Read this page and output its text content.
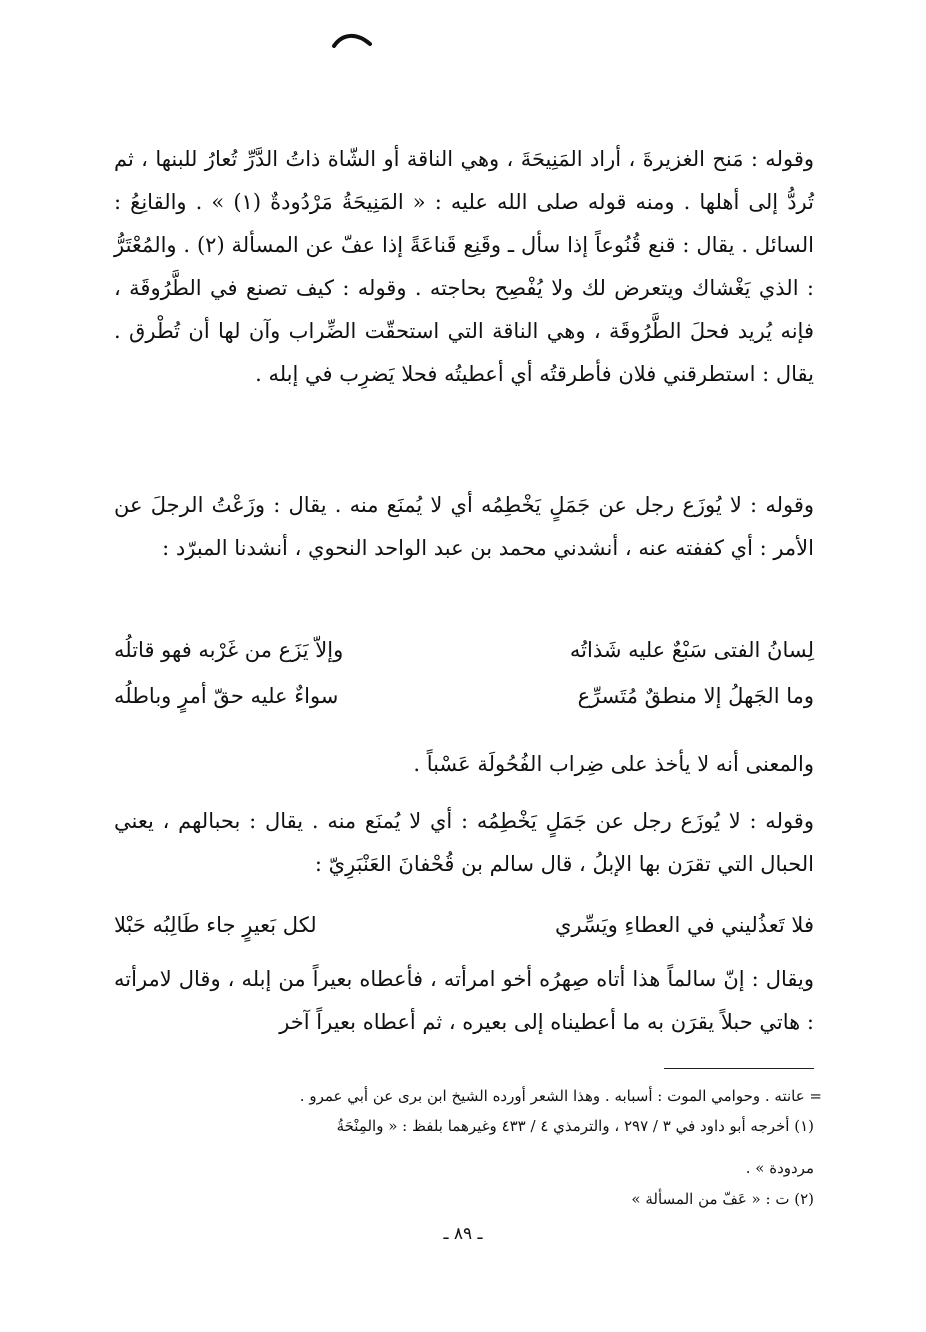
وقوله : مَنح الغزيرةَ ، أراد المَنِيحَةَ ، وهي الناقة أو الشّاة ذاتُ الدَّرِّ تُعارُ للبنها ، ثم تُردُّ إلى أهلها . ومنه قوله صلى الله عليه : « المَنِيحَةُ مَرْدُودةٌ (١) » . والقانِعُ : السائل . يقال : قنع قُنُوعاً إذا سأل ـ وقَنِع قَناعَةً إذا عفّ عن المسألة (٢) . والمُعْتَرُّ : الذي يَغْشاك ويتعرض لك ولا يُفْصِح بحاجته . وقوله : كيف تصنع في الطَّرُوقَة ، فإنه يُريد فحلَ الطَّرُوقَة ، وهي الناقة التي استحقّت الضِّراب وآن لها أن تُطْرق . يقال : استطرقني فلان فأطرقتُه أي أعطيتُه فحلا يَضرِب في إبله .

وقوله : لا يُوزَع رجل عن جَمَلٍ يَخْطِمُه أي لا يُمنَع منه . يقال : وزَعْتُ الرجلَ عن الأمر : أي كففته عنه ، أنشدني محمد بن عبد الواحد النحوي ، أنشدنا المبرّد :

لِسانُ الفتى سَبْعٌ عليه شَذاتُه
وإلاّ يَزَع من غَرْبه فهو قاتلُه
وما الجَهلُ إلا منطقٌ مُتَسرِّع
سواءٌ عليه حقّ أمرٍ وباطلُه

والمعنى أنه لا يأخذ على ضِراب الفُحُولَة عَسْباً .

وقوله : لا يُوزَع رجل عن جَمَلٍ يَخْطِمُه : أي لا يُمنَع منه . يقال : بحبالهم ، يعني الحبال التي تقرَن بها الإبلُ ، قال سالم بن قُحْفانَ العَنْبَرِيّ :

لكل بَعيرٍ جاء طَالِبُه حَبْلا	فلا تَعذُليني في العطاءِ ويَسِّري

ويقال : إنّ سالماً هذا أتاه صِهرُه أخو امرأته ، فأعطاه بعيراً من إبله ، وقال لامرأته : هاتي حبلاً يقرَن به ما أعطيناه إلى بعيره ، ثم أعطاه بعيراً آخر

= عانته . وحوامي الموت : أسبابه . وهذا الشعر أورده الشيخ ابن برى عن أبي عمرو .
(١) أخرجه أبو داود في ٣ / ٢٩٧ ، والترمذي ٤ / ٤٣٣ وغيرهما بلفظ : « والمِنْحَةُ
مردودة » .
(٢) ت : « عَفّ من المسألة »
ـ ٨٩ ـ
